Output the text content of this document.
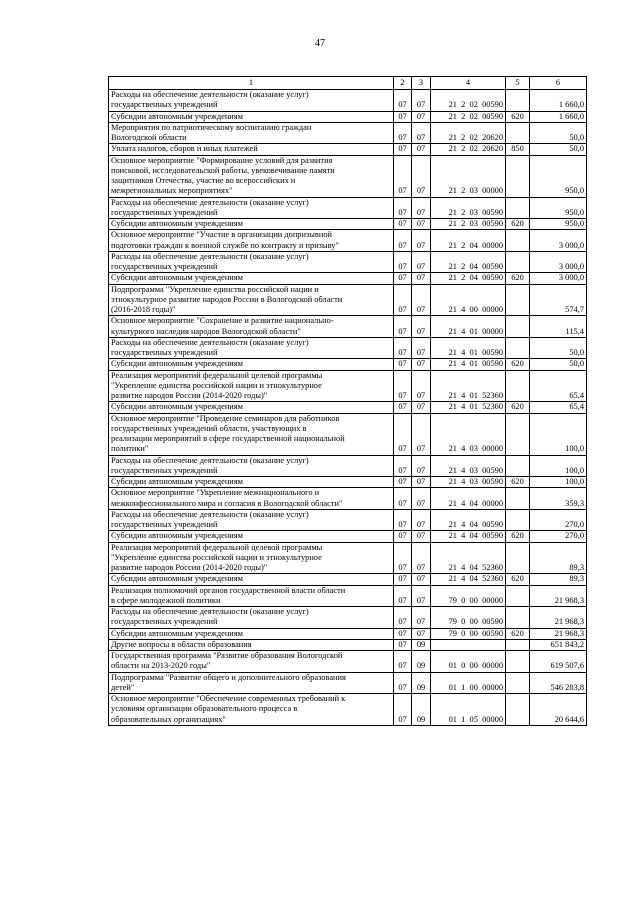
47
1	2	3	4	5	6
Расходы на обеспечение деятельности (оказание услуг)
государственных учреждений	07	07	21  2  02  00590		1 660,0
Субсидии автономным учреждениям	07	07	21  2  02  00590	620	1 660,0
Мероприятия по патриотическому воспитанию граждан
Вологодской области	07	07	21  2  02  20620		50,0
Уплата налогов, сборов и иных платежей	07	07	21  2  02  20620	850	50,0
Основное мероприятие "Формирование условий для развития
поисковой, исследовательской работы, увековечивание памяти
защитников Отечества, участие во всероссийских и
межрегиональных мероприятиях"	07	07	21  2  03  00000		950,0
Расходы на обеспечение деятельности (оказание услуг)
государственных учреждений	07	07	21  2  03  00590		950,0
Субсидии автономным учреждениям	07	07	21  2  03  00590	620	950,0
Основное мероприятие "Участие в организации допризывной
подготовки граждан к военной службе по контракту и призыву"	07	07	21  2  04  00000		3 000,0
Расходы на обеспечение деятельности (оказание услуг)
государственных учреждений	07	07	21  2  04  00590		3 000,0
Субсидии автономным учреждениям	07	07	21  2  04  00590	620	3 000,0
Подпрограмма "Укрепление единства российской нации и
этнокультурное развитие народов России в Вологодской области
(2016-2018 годы)"	07	07	21  4  00  00000		574,7
Основное мероприятие "Сохранение и развитие национально-
культурного наследия народов Вологодской области"	07	07	21  4  01  00000		115,4
Расходы на обеспечение деятельности (оказание услуг)
государственных учреждений	07	07	21  4  01  00590		50,0
Субсидии автономным учреждениям	07	07	21  4  01  00590	620	50,0
Реализация мероприятий федеральной целевой программы
"Укрепление единства российской нации и этнокультурное
развитие народов России (2014-2020 годы)"	07	07	21  4  01  52360		65,4
Субсидии автономным учреждениям	07	07	21  4  01  52360	620	65,4
Основное мероприятие "Проведение семинаров для работников
государственных учреждений области, участвующих в
реализации мероприятий в сфере государственной национальной
политики"	07	07	21  4  03  00000		100,0
Расходы на обеспечение деятельности (оказание услуг)
государственных учреждений	07	07	21  4  03  00590		100,0
Субсидии автономным учреждениям	07	07	21  4  03  00590	620	100,0
Основное мероприятие "Укрепление межнационального и
межконфессионального мира и согласия в Вологодской области"	07	07	21  4  04  00000		359,3
Расходы на обеспечение деятельности (оказание услуг)
государственных учреждений	07	07	21  4  04  00590		270,0
Субсидии автономным учреждениям	07	07	21  4  04  00590	620	270,0
Реализация мероприятий федеральной целевой программы
"Укрепление единства российской нации и этнокультурное
развитие народов России (2014-2020 годы)"	07	07	21  4  04  52360		89,3
Субсидии автономным учреждениям	07	07	21  4  04  52360	620	89,3
Реализация полномочий органов государственной власти области
в сфере молодежной политики	07	07	79  0  00  00000		21 968,3
Расходы на обеспечение деятельности (оказание услуг)
государственных учреждений	07	07	79  0  00  00590		21 968,3
Субсидии автономным учреждениям	07	07	79  0  00  00590	620	21 968,3
Другие вопросы в области образования	07	09			651 843,2
Государственная программа "Развитие образования Вологодской
области на 2013-2020 годы"	07	09	01  0  00  00000		619 507,6
Подпрограмма "Развитие общего и дополнительного образования
детей"	07	09	01  1  00  00000		546 283,8
Основное мероприятие "Обеспечение современных требований к
условиям организации образовательного процесса в
образовательных организациях"	07	09	01  1  05  00000		20 644,6
